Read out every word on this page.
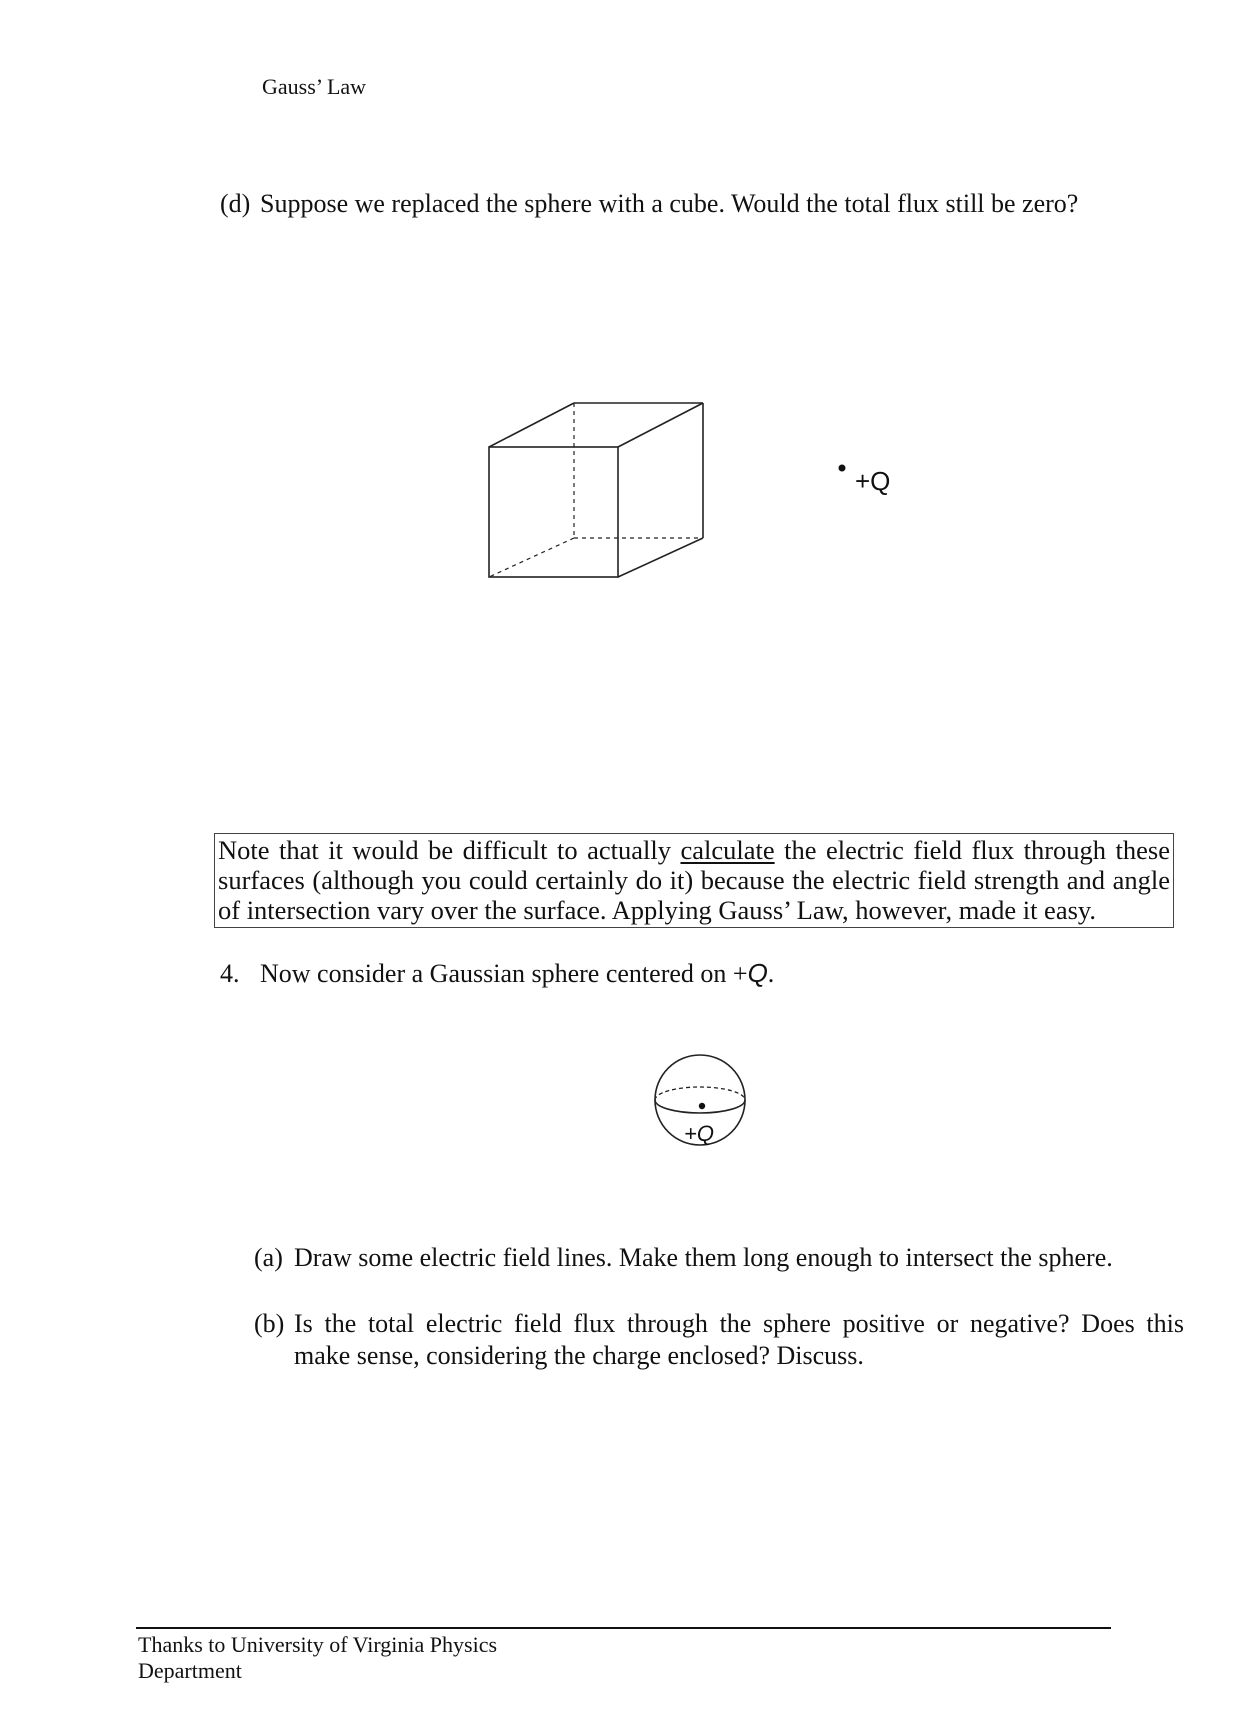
Gauss’ Law
(d) Suppose we replaced the sphere with a cube. Would the total flux still be zero?
+Q
Note that it would be difficult to actually calculate the electric field flux through these surfaces (although you could certainly do it) because the electric field strength and angle of intersection vary over the surface. Applying Gauss’ Law, however, made it easy.
4. Now consider a Gaussian sphere centered on +Q.
+Q
(a) Draw some electric field lines. Make them long enough to intersect the sphere.
(b) Is the total electric field flux through the sphere positive or negative? Does this
make sense, considering the charge enclosed? Discuss.
Thanks to University of Virginia Physics
Department
